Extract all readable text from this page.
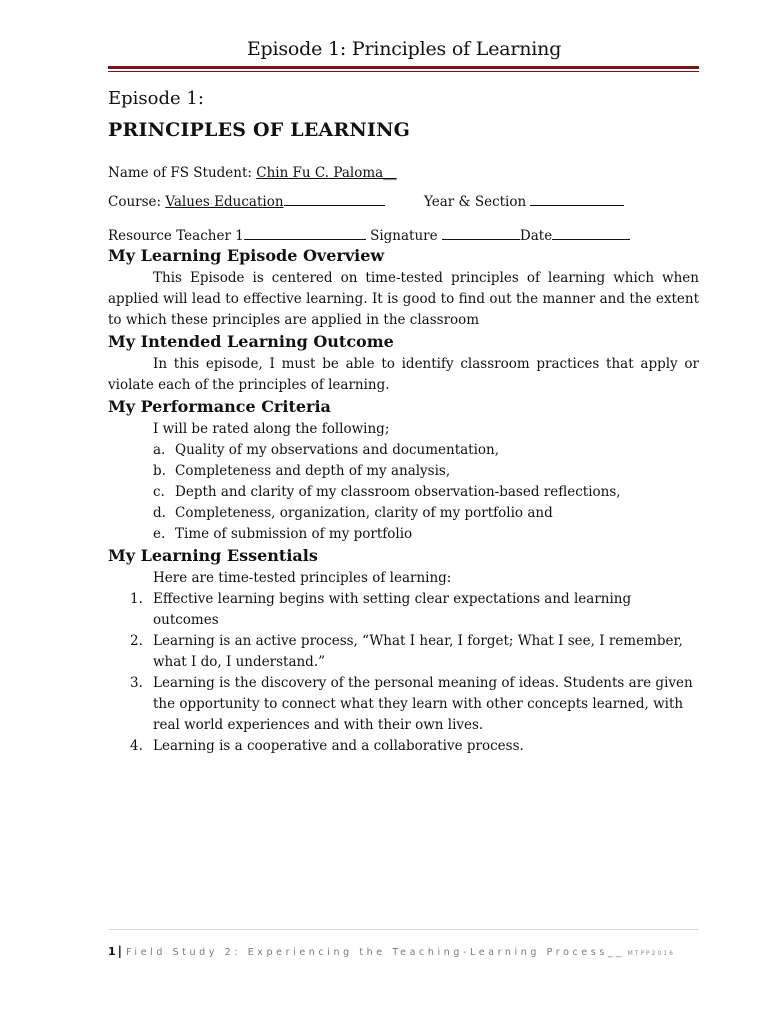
Episode 1: Principles of Learning
Episode 1:
PRINCIPLES OF LEARNING
Name of FS Student: Chin Fu C. Paloma__
Course: Values Education	Year & Section
Resource Teacher 1	Signature	Date
My Learning Episode Overview

This Episode is centered on time-tested principles of learning which when applied will lead to effective learning. It is good to find out the manner and the extent to which these principles are applied in the classroom

My Intended Learning Outcome

In this episode, I must be able to identify classroom practices that apply or violate each of the principles of learning.

My Performance Criteria
I will be rated along the following;
a. Quality of my observations and documentation,
b. Completeness and depth of my analysis,
c. Depth and clarity of my classroom observation-based reflections,
d. Completeness, organization, clarity of my portfolio and
e. Time of submission of my portfolio
My Learning Essentials
Here are time-tested principles of learning:
1. Effective learning begins with setting clear expectations and learning outcomes
2. Learning is an active process, “What I hear, I forget; What I see, I remember, what I do, I understand.”
3. Learning is the discovery of the personal meaning of ideas. Students are given the opportunity to connect what they learn with other concepts learned, with real world experiences and with their own lives.
4. Learning is a cooperative and a collaborative process.
1 | Field Study 2: Experiencing the Teaching-Learning Process__ MTPP2016
